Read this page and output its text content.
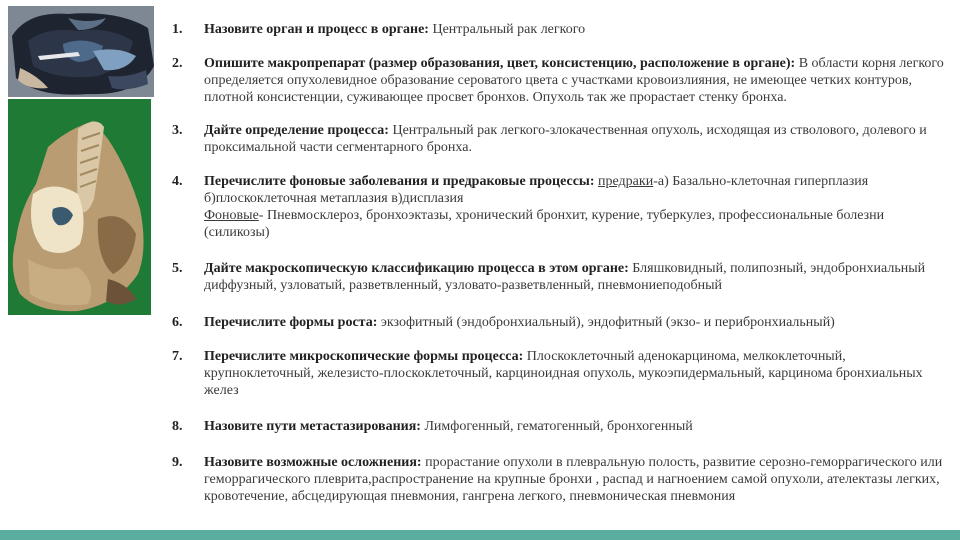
1. Назовите орган и процесс в органе: Центральный рак легкого
2. Опишите макропрепарат (размер образования, цвет, консистенцию, расположение в органе): В области корня легкого определяется опухолевидное образование сероватого цвета с участками кровоизлияния, не имеющее четких контуров, плотной консистенции, суживающее просвет бронхов. Опухоль так же прорастает стенку бронха.
3. Дайте определение процесса: Центральный рак легкого-злокачественная опухоль, исходящая из стволового, долевого и проксимальной части сегментарного бронха.
4. Перечислите фоновые заболевания и предраковые процессы: предраки-а) Базально-клеточная гиперплазия б)плоскоклеточная метаплазия в)дисплазия
Фоновые- Пневмосклероз, бронхоэктазы, хронический бронхит, курение, туберкулез, профессиональные болезни (силикозы)
5. Дайте макроскопическую классификацию процесса в этом органе: Бляшковидный, полипозный, эндобронхиальный диффузный, узловатый, разветвленный, узловато-разветвленный, пневмониеподобный
6. Перечислите формы роста: экзофитный (эндобронхиальный), эндофитный (экзо- и перибронхиальный)
7. Перечислите микроскопические формы процесса: Плоскоклеточный аденокарцинома, мелкоклеточный, крупноклеточный, железисто-плоскоклеточный, карциноидная опухоль, мукоэпидермальный, карцинома бронхиальных желез
8. Назовите пути метастазирования: Лимфогенный, гематогенный, бронхогенный
9. Назовите возможные осложнения: прорастание опухоли в плевральную полость, развитие серозно-геморрагического или геморрагического плеврита,распространение на крупные бронхи , распад и нагноением самой опухоли, ателектазы легких, кровотечение, абсцедирующая пневмония, гангрена легкого, пневмоническая пневмония
